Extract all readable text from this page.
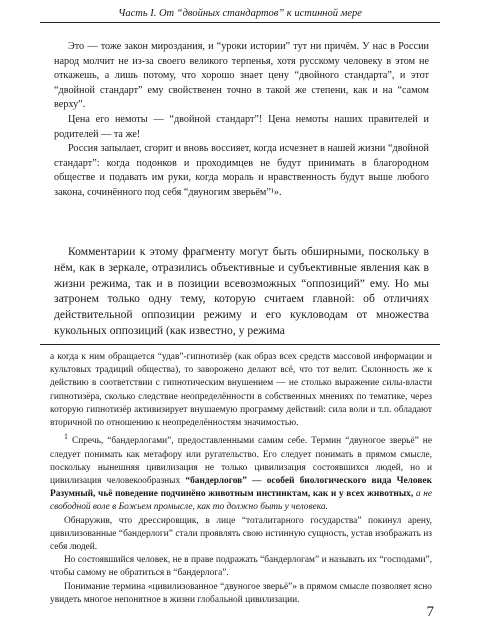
Часть I. От “двойных стандартов” к истинной мере

Это — тоже закон мироздания, и “уроки истории” тут ни причём. У нас в России народ молчит не из-за своего великого терпенья, хотя русскому человеку в этом не откажешь, а лишь потому, что хорошо знает цену “двойного стандарта”, и этот “двойной стандарт” ему свойственен точно в такой же степени, как и на “самом верху”.

Цена его немоты — “двойной стандарт”! Цена немоты наших правителей и родителей — та же!

Россия запылает, сгорит и вновь воссияет, когда исчезнет в нашей жизни “двойной стандарт”: когда подонков и проходимцев не будут принимать в благородном обществе и подавать им руки, когда мораль и нравственность будут выше любого закона, сочинённого под себя “двуногим зверьём”¹».

Комментарии к этому фрагменту могут быть обширными, поскольку в нём, как в зеркале, отразились объективные и субъективные явления как в жизни режима, так и в позиции всевозможных “оппозиций” ему. Но мы затронем только одну тему, которую считаем главной: об отличиях действительной оппозиции режиму и его кукловодам от множества кукольных оппозиций (как известно, у режима

а когда к ним обращается “удав”-гипнотизёр (как образ всех средств массовой информации и культовых традиций общества), то заворожено делают всё, что тот велит. Склонность же к действию в соответствии с гипнотическим внушением — не столько выражение силы-власти гипнотизёра, сколько следствие неопределённости в собственных мнениях по тематике, через которую гипнотизёр активизирует внушаемую программу действий: сила воли и т.п. обладают вторичной по отношению к неопределённостям значимостью.

$^1$ Спречь, “бандерлогами”, предоставленными самим себе. Термин “двуногое зверьё” не следует понимать как метафору или ругательство. Его следует понимать в прямом смысле, поскольку нынешняя цивилизация не только цивилизация состоявшихся людей, но и цивилизация человекообразных “бандерлогов” — особей биологического вида Человек Разумный, чьё поведение подчинёно животным инстинктам, как и у всех животных, а не свободной воле в Божьем промысле, как то должно быть у человека.

Обнаружив, что дрессировщик, в лице “тоталитарного государства” покинул арену, цивилизованные “бандерлоги” стали проявлять свою истинную сущность, устав изображать из себя людей.

Но состоявшийся человек, не в праве подражать “бандерлогам” и называть их “господами”, чтобы самому не обратиться в “бандерлога”.

Понимание термина «цивилизованное “двуногое зверьё”» в прямом смысле позволяет ясно увидеть многое непонятное в жизни глобальной цивилизации.

7
